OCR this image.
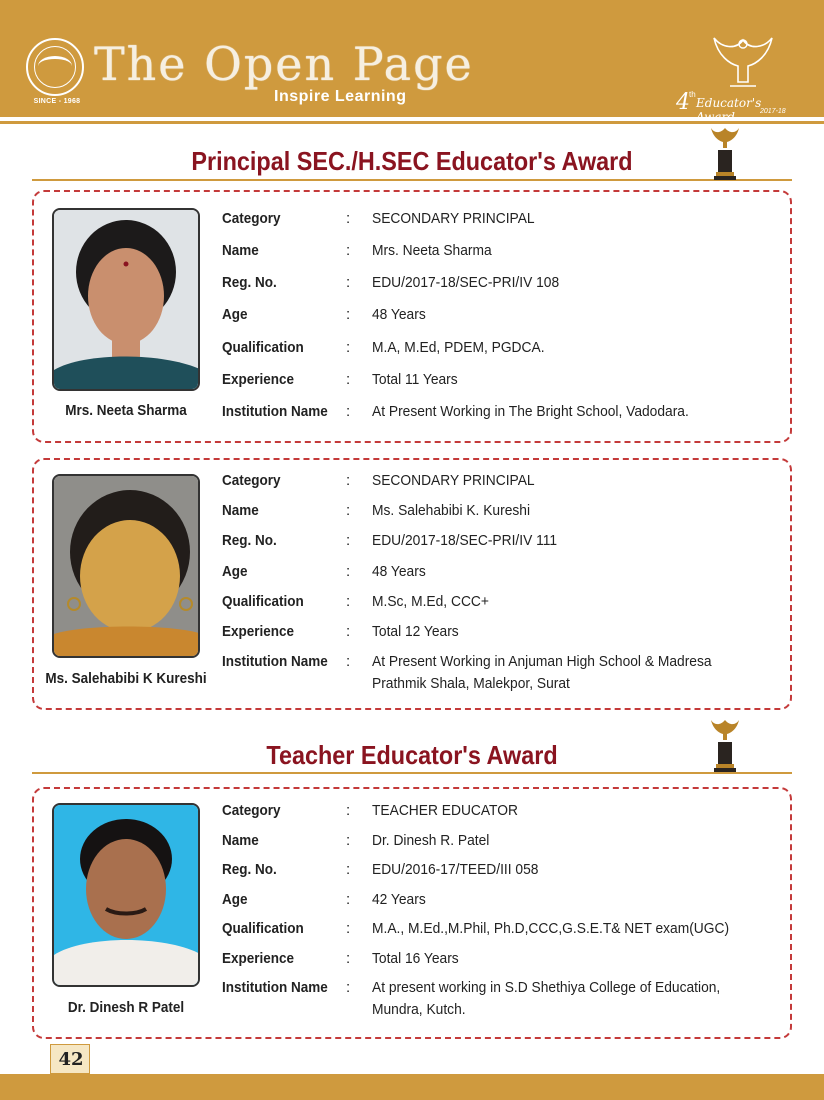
SINCE - 1968
The Open Page
Inspire Learning	4 th
Educator's Award	2017-18
Principal SEC./H.SEC Educator's Award
Mrs. Neeta Sharma
Category	: SECONDARY PRINCIPAL
Name	: Mrs. Neeta Sharma
Reg. No.	: EDU/2017-18/SEC-PRI/IV 108
Age	: 48 Years
Qualification	: M.A, M.Ed, PDEM, PGDCA.
Experience	: Total 11 Years
Institution Name : At Present Working in The Bright School, Vadodara.
Ms. Salehabibi K Kureshi
Category	: SECONDARY PRINCIPAL
Name	: Ms. Salehabibi K. Kureshi
Reg. No.	: EDU/2017-18/SEC-PRI/IV 111
Age	: 48 Years
Qualification	: M.Sc, M.Ed, CCC+
Experience	: Total 12 Years
Institution Name : At Present Working in Anjuman High School & Madresa Prathmik Shala, Malekpor, Surat
Teacher Educator's Award
Dr. Dinesh R Patel
Category	: TEACHER EDUCATOR
Name	: Dr. Dinesh R. Patel
Reg. No.	: EDU/2016-17/TEED/III 058
Age	: 42 Years
Qualification	: M.A., M.Ed.,M.Phil, Ph.D,CCC,G.S.E.T& NET exam(UGC)
Experience	: Total 16 Years
Institution Name : At present working in S.D Shethiya College of Education, Mundra, Kutch.
42
